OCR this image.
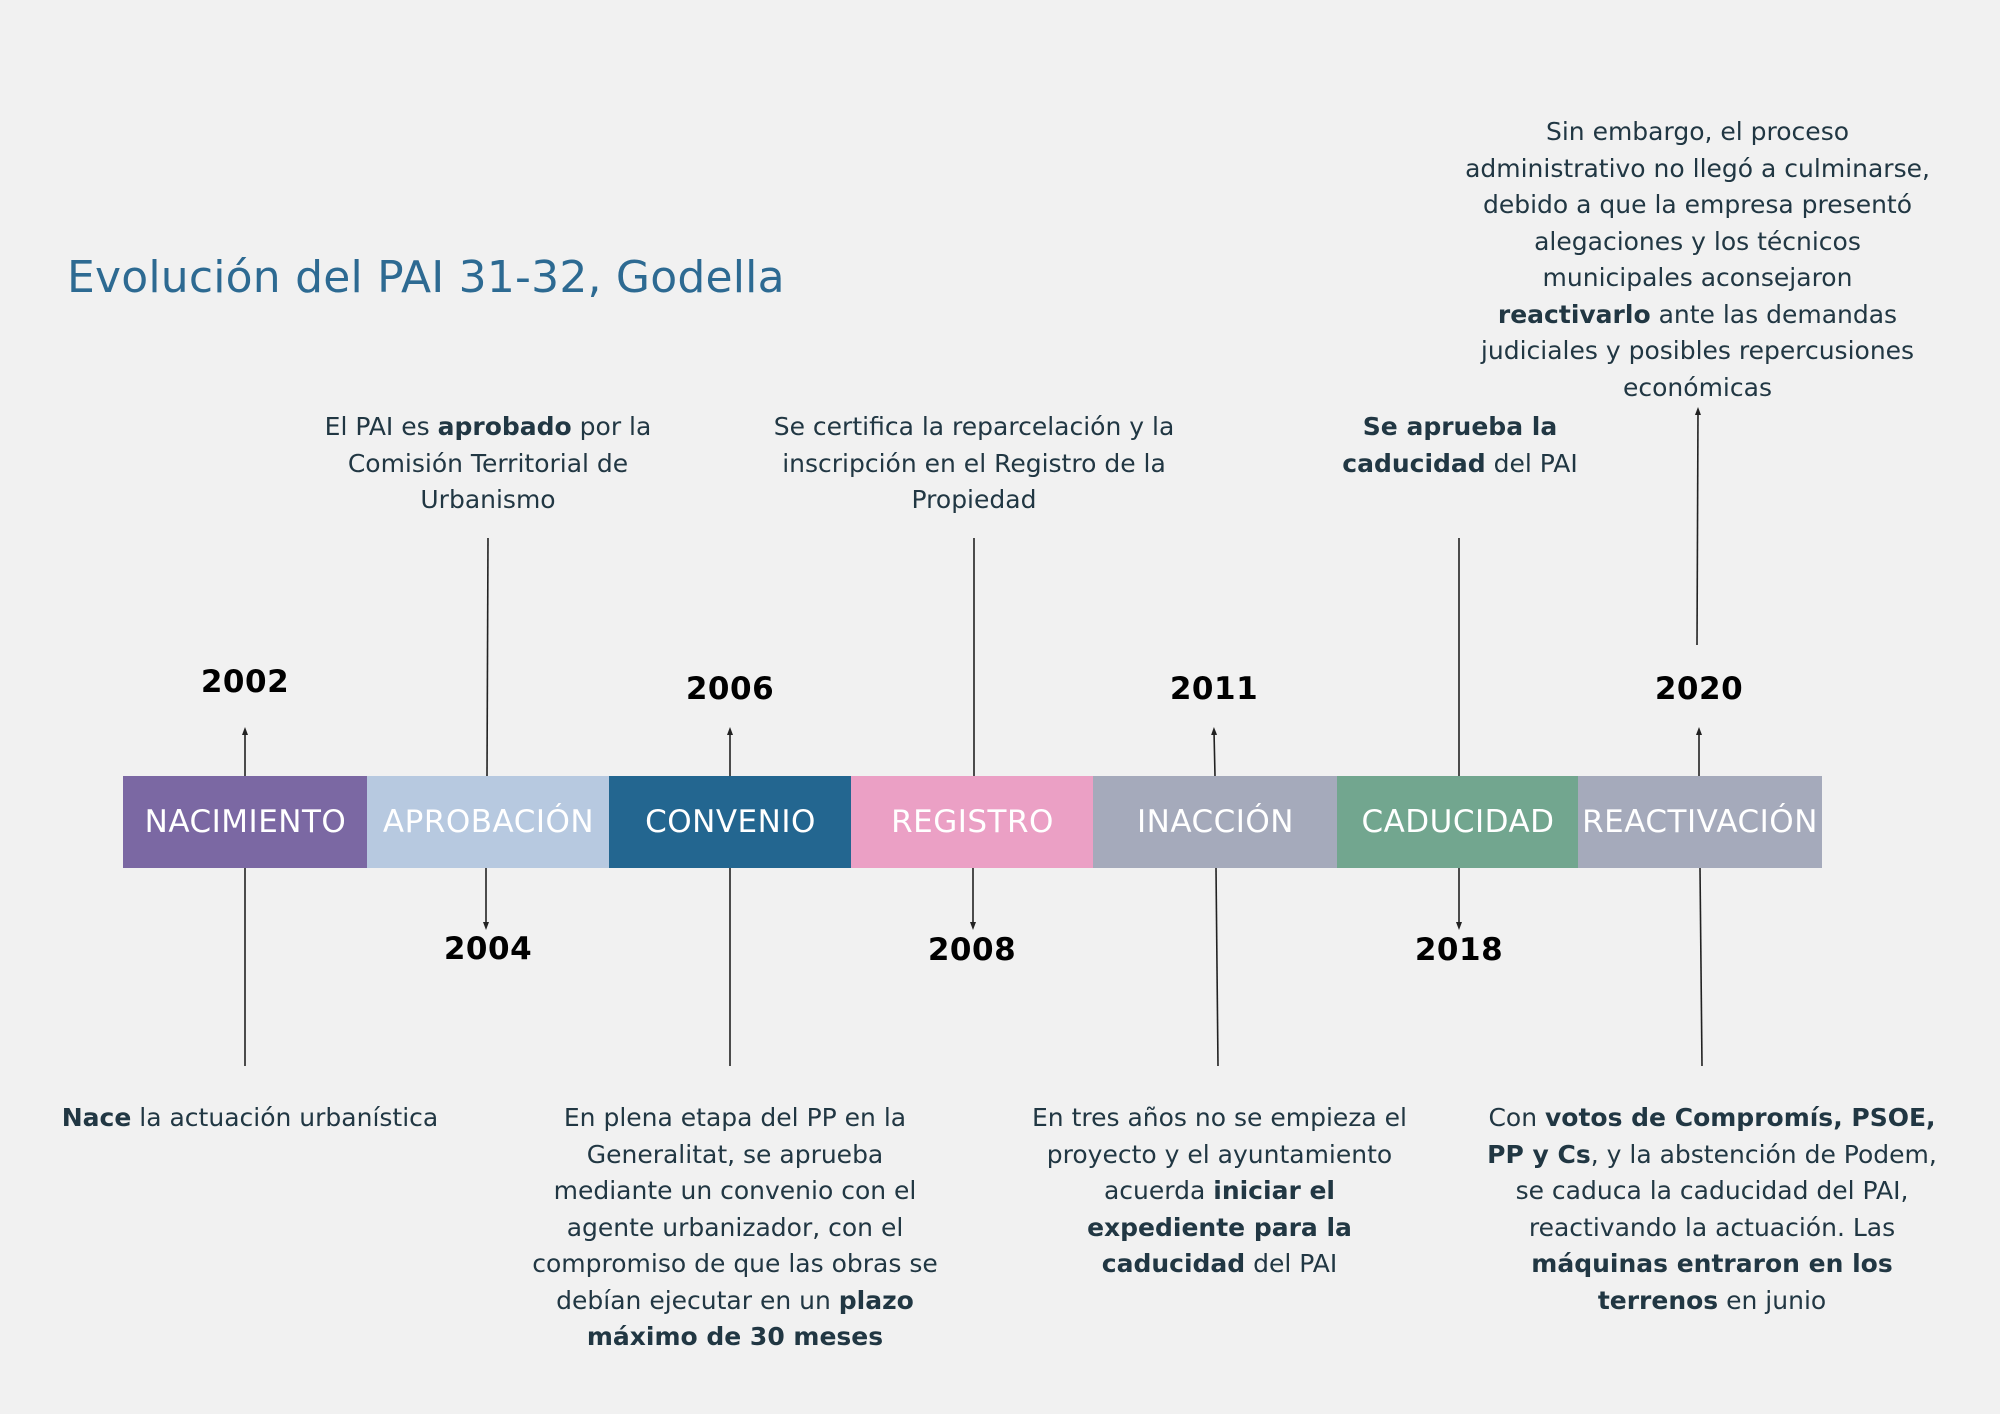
Evolución del PAI 31-32, Godella
NACIMIENTO APROBACIÓN CONVENIO REGISTRO	INACCIÓN CADUCIDAD REACTIVACIÓN
2002
2004
2006
2008
2011
2018
2020
Nace la actuación urbanística
El PAI es aprobado por la Comisión Territorial de Urbanismo
En plena etapa del PP en la Generalitat, se aprueba mediante un convenio con el agente urbanizador, con el compromiso de que las obras se debían ejecutar en un plazo máximo de 30 meses
Se certifica la reparcelación y la inscripción en el Registro de la Propiedad
En tres años no se empieza el proyecto y el ayuntamiento acuerda iniciar el expediente para la caducidad del PAI
Se aprueba la caducidad del PAI
Sin embargo, el proceso administrativo no llegó a culminarse, debido a que la empresa presentó alegaciones y los técnicos municipales aconsejaron reactivarlo ante las demandas judiciales y posibles repercusiones económicas
Con votos de Compromís, PSOE, PP y Cs, y la abstención de Podem, se caduca la caducidad del PAI, reactivando la actuación. Las máquinas entraron en los terrenos en junio
